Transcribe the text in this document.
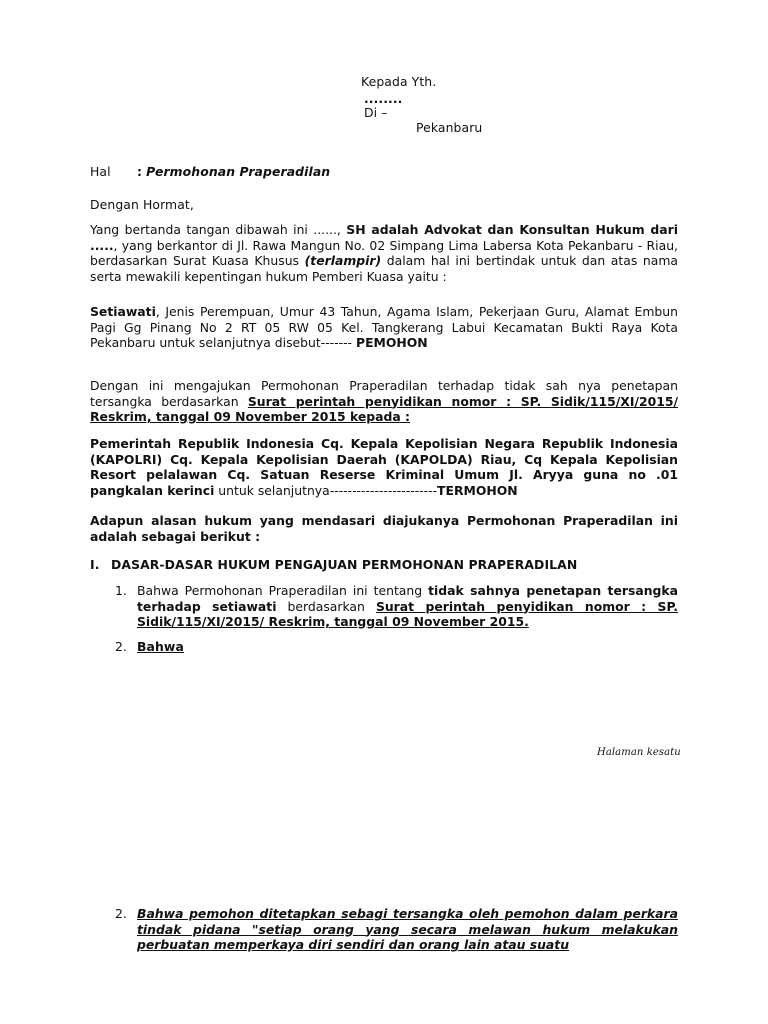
Kepada Yth.
........
Di –
Pekanbaru
Hal : Permohonan Praperadilan
Dengan Hormat,
Yang bertanda tangan dibawah ini ......, SH adalah Advokat dan Konsultan Hukum dari ....., yang berkantor di Jl. Rawa Mangun No. 02 Simpang Lima Labersa Kota Pekanbaru - Riau, berdasarkan Surat Kuasa Khusus (terlampir) dalam hal ini bertindak untuk dan atas nama serta mewakili kepentingan hukum Pemberi Kuasa yaitu :
Setiawati, Jenis Perempuan, Umur 43 Tahun, Agama Islam, Pekerjaan Guru, Alamat Embun Pagi Gg Pinang No 2 RT 05 RW 05 Kel. Tangkerang Labui Kecamatan Bukti Raya Kota Pekanbaru untuk selanjutnya disebut------- PEMOHON
Dengan ini mengajukan Permohonan Praperadilan terhadap tidak sah nya penetapan tersangka berdasarkan Surat perintah penyidikan nomor : SP. Sidik/115/XI/2015/ Reskrim, tanggal 09 November 2015 kepada :
Pemerintah Republik Indonesia Cq. Kepala Kepolisian Negara Republik Indonesia (KAPOLRI) Cq. Kepala Kepolisian Daerah (KAPOLDA) Riau, Cq Kepala Kepolisian Resort pelalawan Cq. Satuan Reserse Kriminal Umum Jl. Aryya guna no .01 pangkalan kerinci untuk selanjutnya------------------------TERMOHON
Adapun alasan hukum yang mendasari diajukanya Permohonan Praperadilan ini adalah sebagai berikut :
I. DASAR-DASAR HUKUM PENGAJUAN PERMOHONAN PRAPERADILAN
1. Bahwa Permohonan Praperadilan ini tentang tidak sahnya penetapan tersangka terhadap setiawati berdasarkan Surat perintah penyidikan nomor : SP. Sidik/115/XI/2015/ Reskrim, tanggal 09 November 2015.
2. Bahwa
Halaman kesatu
2. Bahwa pemohon ditetapkan sebagi tersangka oleh pemohon dalam perkara tindak pidana "setiap orang yang secara melawan hukum melakukan perbuatan memperkaya diri sendiri dan orang lain atau suatu
